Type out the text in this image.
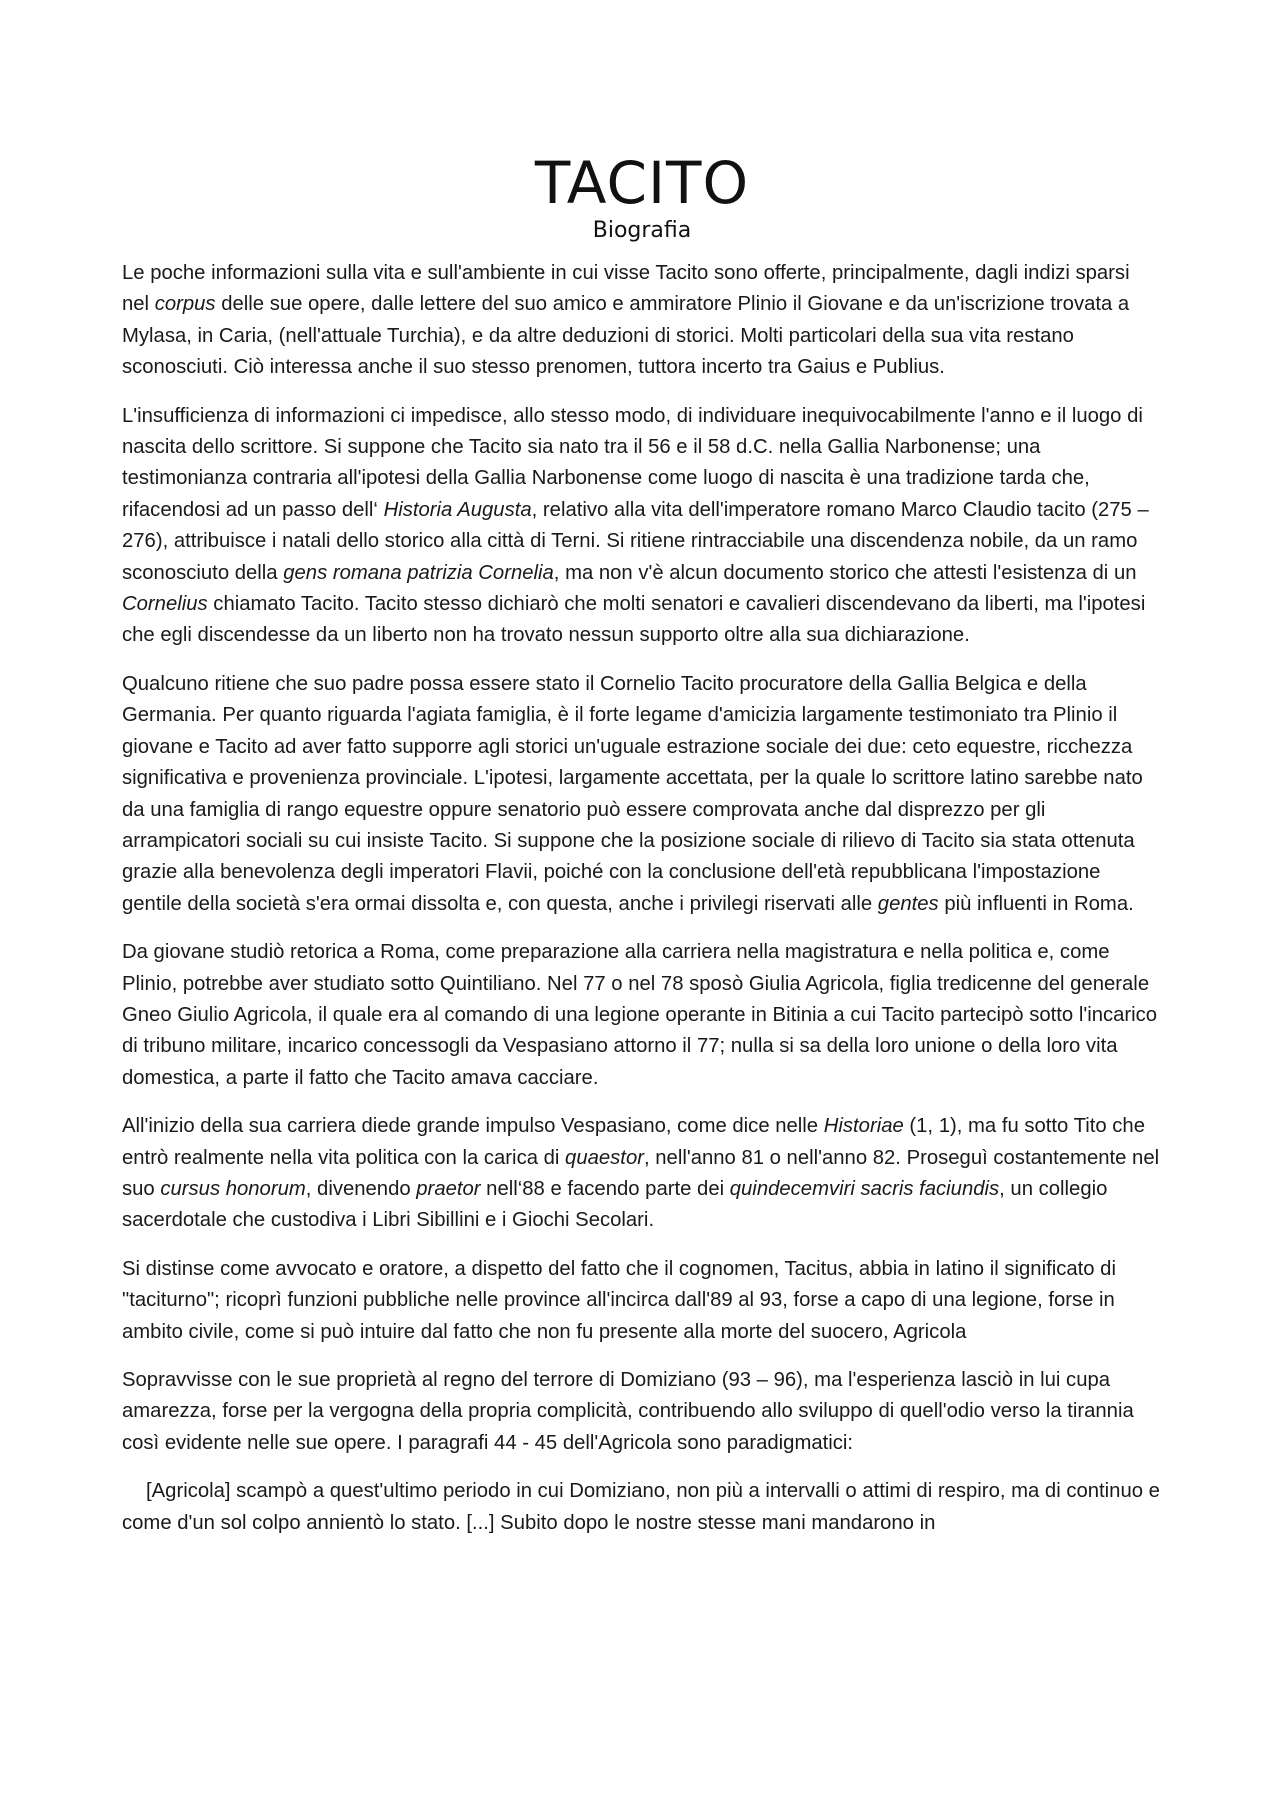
TACITO
Biografia

Le poche informazioni sulla vita e sull'ambiente in cui visse Tacito sono offerte, principalmente, dagli indizi sparsi nel corpus delle sue opere, dalle lettere del suo amico e ammiratore Plinio il Giovane e da un'iscrizione trovata a Mylasa, in Caria, (nell'attuale Turchia), e da altre deduzioni di storici. Molti particolari della sua vita restano sconosciuti. Ciò interessa anche il suo stesso prenomen, tuttora incerto tra Gaius e Publius.

L'insufficienza di informazioni ci impedisce, allo stesso modo, di individuare inequivocabilmente l'anno e il luogo di nascita dello scrittore. Si suppone che Tacito sia nato tra il 56 e il 58 d.C. nella Gallia Narbonense; una testimonianza contraria all'ipotesi della Gallia Narbonense come luogo di nascita è una tradizione tarda che, rifacendosi ad un passo dell‘ Historia Augusta, relativo alla vita dell'imperatore romano Marco Claudio tacito (275 – 276), attribuisce i natali dello storico alla città di Terni. Si ritiene rintracciabile una discendenza nobile, da un ramo sconosciuto della gens romana patrizia Cornelia, ma non v'è alcun documento storico che attesti l'esistenza di un Cornelius chiamato Tacito. Tacito stesso dichiarò che molti senatori e cavalieri discendevano da liberti, ma l'ipotesi che egli discendesse da un liberto non ha trovato nessun supporto oltre alla sua dichiarazione.

Qualcuno ritiene che suo padre possa essere stato il Cornelio Tacito procuratore della Gallia Belgica e della Germania. Per quanto riguarda l'agiata famiglia, è il forte legame d'amicizia largamente testimoniato tra Plinio il giovane e Tacito ad aver fatto supporre agli storici un'uguale estrazione sociale dei due: ceto equestre, ricchezza significativa e provenienza provinciale. L'ipotesi, largamente accettata, per la quale lo scrittore latino sarebbe nato da una famiglia di rango equestre oppure senatorio può essere comprovata anche dal disprezzo per gli arrampicatori sociali su cui insiste Tacito. Si suppone che la posizione sociale di rilievo di Tacito sia stata ottenuta grazie alla benevolenza degli imperatori Flavii, poiché con la conclusione dell'età repubblicana l'impostazione gentile della società s'era ormai dissolta e, con questa, anche i privilegi riservati alle gentes più influenti in Roma.

Da giovane studiò retorica a Roma, come preparazione alla carriera nella magistratura e nella politica e, come Plinio, potrebbe aver studiato sotto Quintiliano. Nel 77 o nel 78 sposò Giulia Agricola, figlia tredicenne del generale Gneo Giulio Agricola, il quale era al comando di una legione operante in Bitinia a cui Tacito partecipò sotto l'incarico di tribuno militare, incarico concessogli da Vespasiano attorno il 77; nulla si sa della loro unione o della loro vita domestica, a parte il fatto che Tacito amava cacciare.

All'inizio della sua carriera diede grande impulso Vespasiano, come dice nelle Historiae (1, 1), ma fu sotto Tito che entrò realmente nella vita politica con la carica di quaestor, nell'anno 81 o nell'anno 82. Proseguì costantemente nel suo cursus honorum, divenendo praetor nell‘88 e facendo parte dei quindecemviri sacris faciundis, un collegio sacerdotale che custodiva i Libri Sibillini e i Giochi Secolari.

Si distinse come avvocato e oratore, a dispetto del fatto che il cognomen, Tacitus, abbia in latino il significato di "taciturno"; ricoprì funzioni pubbliche nelle province all'incirca dall'89 al 93, forse a capo di una legione, forse in ambito civile, come si può intuire dal fatto che non fu presente alla morte del suocero, Agricola

Sopravvisse con le sue proprietà al regno del terrore di Domiziano (93 – 96), ma l'esperienza lasciò in lui cupa amarezza, forse per la vergogna della propria complicità, contribuendo allo sviluppo di quell'odio verso la tirannia così evidente nelle sue opere. I paragrafi 44 - 45 dell'Agricola sono paradigmatici:

[Agricola] scampò a quest'ultimo periodo in cui Domiziano, non più a intervalli o attimi di respiro, ma di continuo e come d'un sol colpo annientò lo stato. [...] Subito dopo le nostre stesse mani mandarono in
